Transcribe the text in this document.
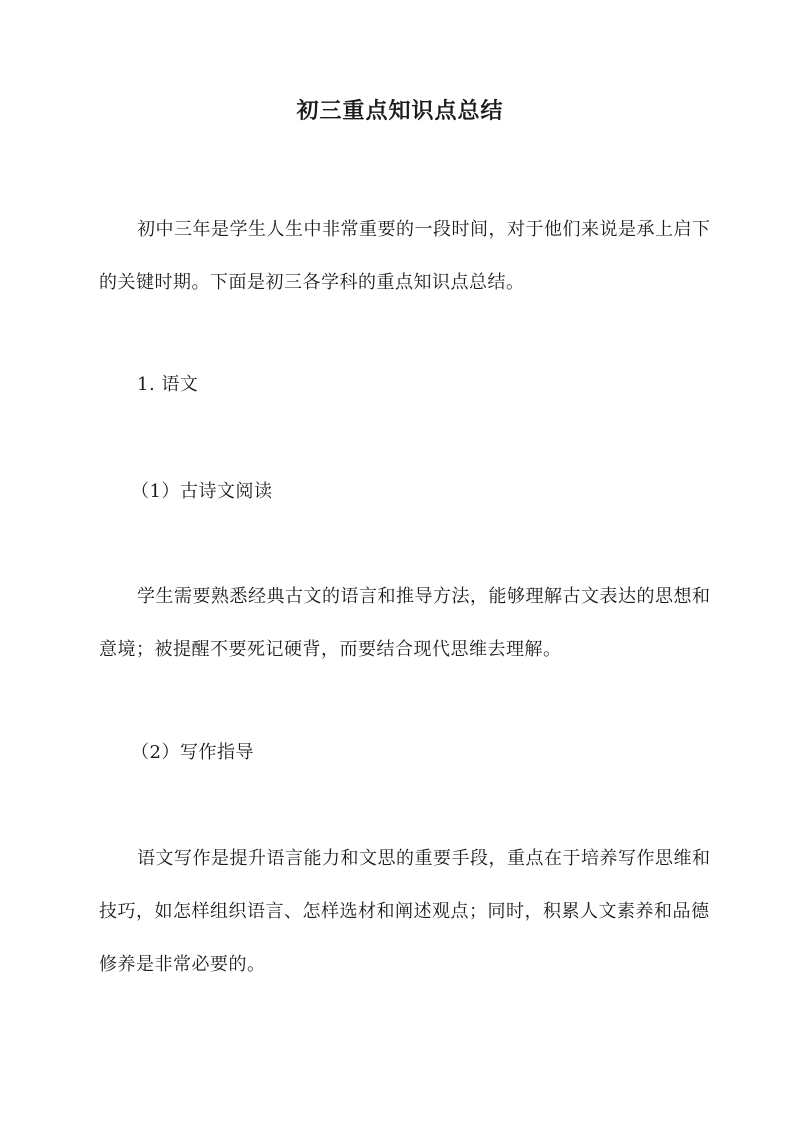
初三重点知识点总结

初中三年是学生人生中非常重要的一段时间，对于他们来说是承上启下的关键时期。下面是初三各学科的重点知识点总结。

1. 语文

（1）古诗文阅读

学生需要熟悉经典古文的语言和推导方法，能够理解古文表达的思想和意境；被提醒不要死记硬背，而要结合现代思维去理解。

（2）写作指导

语文写作是提升语言能力和文思的重要手段，重点在于培养写作思维和技巧，如怎样组织语言、怎样选材和阐述观点；同时，积累人文素养和品德修养是非常必要的。
